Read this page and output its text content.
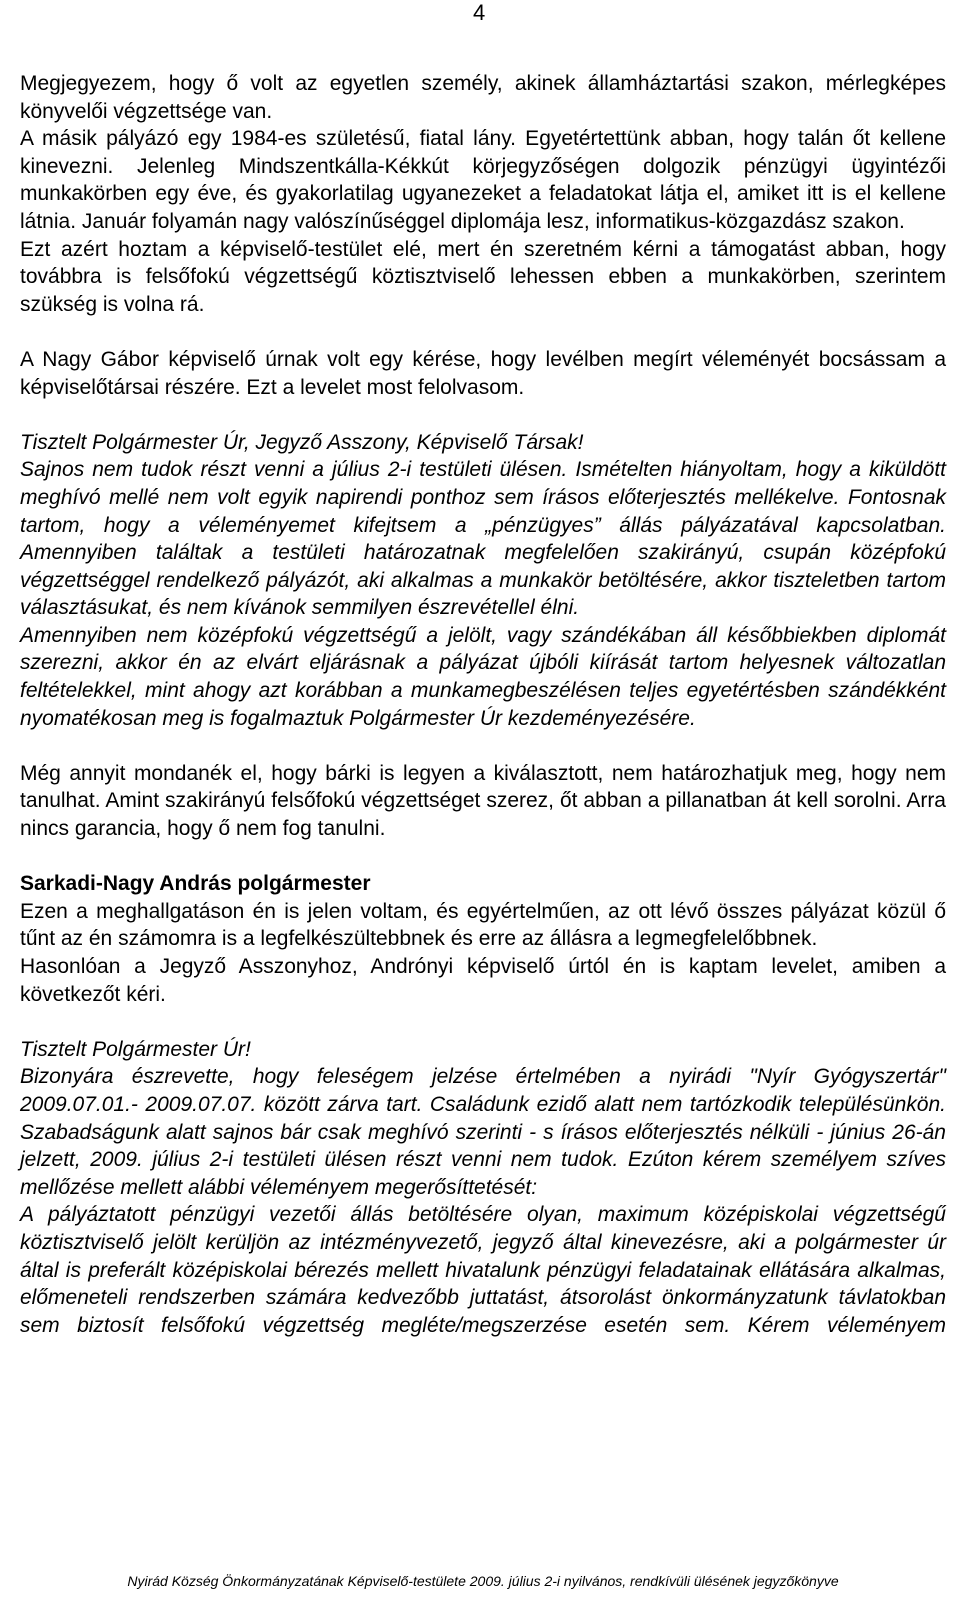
4

Megjegyezem, hogy ő volt az egyetlen személy, akinek államháztartási szakon, mérlegképes könyvelői végzettsége van.

A másik pályázó egy 1984-es születésű, fiatal lány. Egyetértettünk abban, hogy talán őt kellene kinevezni. Jelenleg Mindszentkálla-Kékkút körjegyzőségen dolgozik pénzügyi ügyintézői munkakörben egy éve, és gyakorlatilag ugyanezeket a feladatokat látja el, amiket itt is el kellene látnia. Január folyamán nagy valószínűséggel diplomája lesz, informatikus-közgazdász szakon.

Ezt azért hoztam a képviselő-testület elé, mert én szeretném kérni a támogatást abban, hogy továbbra is felsőfokú végzettségű köztisztviselő lehessen ebben a munkakörben, szerintem szükség is volna rá.

A Nagy Gábor képviselő úrnak volt egy kérése, hogy levélben megírt véleményét bocsássam a képviselőtársai részére. Ezt a levelet most felolvasom.

Tisztelt Polgármester Úr, Jegyző Asszony, Képviselő Társak!

Sajnos nem tudok részt venni a július 2-i testületi ülésen. Ismételten hiányoltam, hogy a kiküldött meghívó mellé nem volt egyik napirendi ponthoz sem írásos előterjesztés mellékelve. Fontosnak tartom, hogy a véleményemet kifejtsem a „pénzügyes” állás pályázatával kapcsolatban. Amennyiben találtak a testületi határozatnak megfelelően szakirányú, csupán középfokú végzettséggel rendelkező pályázót, aki alkalmas a munkakör betöltésére, akkor tiszteletben tartom választásukat, és nem kívánok semmilyen észrevétellel élni.

Amennyiben nem középfokú végzettségű a jelölt, vagy szándékában áll későbbiekben diplomát szerezni, akkor én az elvárt eljárásnak a pályázat újbóli kiírását tartom helyesnek változatlan feltételekkel, mint ahogy azt korábban a munkamegbeszélésen teljes egyetértésben szándékként nyomatékosan meg is fogalmaztuk Polgármester Úr kezdeményezésére.

Még annyit mondanék el, hogy bárki is legyen a kiválasztott, nem határozhatjuk meg, hogy nem tanulhat. Amint szakirányú felsőfokú végzettséget szerez, őt abban a pillanatban át kell sorolni. Arra nincs garancia, hogy ő nem fog tanulni.

Sarkadi-Nagy András polgármester

Ezen a meghallgatáson én is jelen voltam, és egyértelműen, az ott lévő összes pályázat közül ő tűnt az én számomra is a legfelkészültebbnek és erre az állásra a legmegfelelőbbnek.

Hasonlóan a Jegyző Asszonyhoz, Andrónyi képviselő úrtól én is kaptam levelet, amiben a következőt kéri.

Tisztelt Polgármester Úr!

Bizonyára észrevette, hogy feleségem jelzése értelmében a nyirádi "Nyír Gyógyszertár" 2009.07.01.- 2009.07.07. között zárva tart. Családunk ezidő alatt nem tartózkodik településünkön. Szabadságunk alatt sajnos bár csak meghívó szerinti - s írásos előterjesztés nélküli - június 26-án jelzett, 2009. július 2-i testületi ülésen részt venni nem tudok. Ezúton kérem személyem szíves mellőzése mellett alábbi véleményem megerősíttetését:

A pályáztatott pénzügyi vezetői állás betöltésére olyan, maximum középiskolai végzettségű köztisztviselő jelölt kerüljön az intézményvezető, jegyző által kinevezésre, aki a polgármester úr által is preferált középiskolai bérezés mellett hivatalunk pénzügyi feladatainak ellátására alkalmas, előmeneteli rendszerben számára kedvezőbb juttatást, átsorolást önkormányzatunk távlatokban sem biztosít felsőfokú végzettség megléte/megszerzése esetén sem. Kérem véleményem

Nyirád Község Önkormányzatának Képviselő-testülete 2009. július 2-i nyilvános, rendkívüli ülésének jegyzőkönyve
